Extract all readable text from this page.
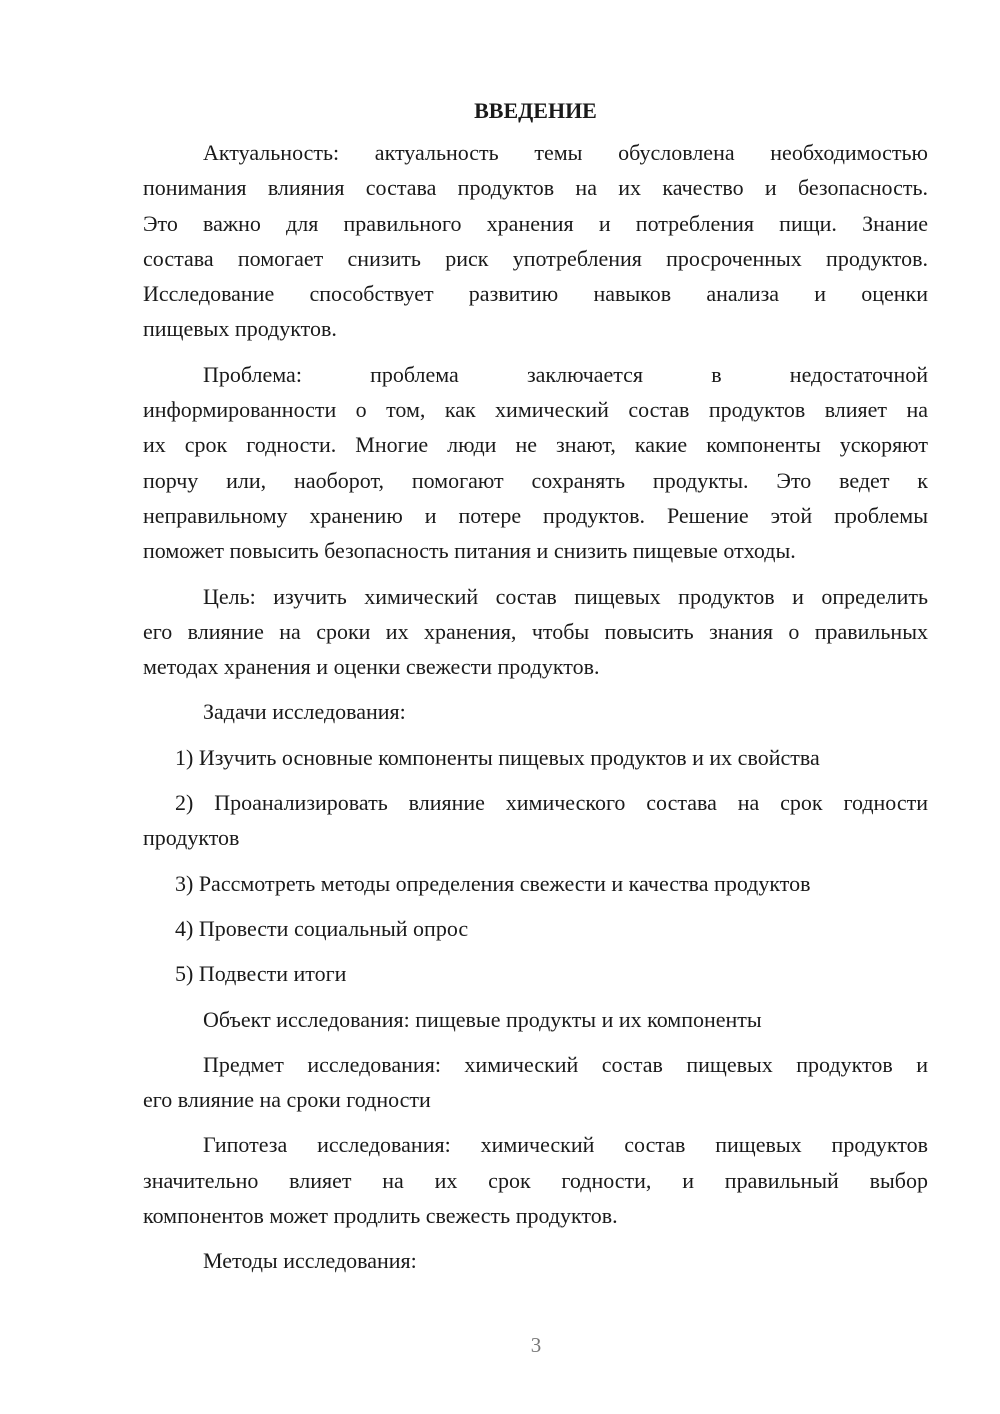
ВВЕДЕНИЕ
Актуальность: актуальность темы обусловлена необходимостью
понимания влияния состава продуктов на их качество и безопасность.
Это важно для правильного хранения и потребления пищи. Знание
состава помогает снизить риск употребления просроченных продуктов.
Исследование способствует развитию навыков анализа и оценки
пищевых продуктов.
Проблема: проблема заключается в недостаточной
информированности о том, как химический состав продуктов влияет на
их срок годности. Многие люди не знают, какие компоненты ускоряют
порчу или, наоборот, помогают сохранять продукты. Это ведет к
неправильному хранению и потере продуктов. Решение этой проблемы
поможет повысить безопасность питания и снизить пищевые отходы.
Цель: изучить химический состав пищевых продуктов и определить
его влияние на сроки их хранения, чтобы повысить знания о правильных
методах хранения и оценки свежести продуктов.
Задачи исследования:
1) Изучить основные компоненты пищевых продуктов и их свойства
2) Проанализировать влияние химического состава на срок годности
продуктов
3) Рассмотреть методы определения свежести и качества продуктов
4) Провести социальный опрос
5) Подвести итоги
Объект исследования: пищевые продукты и их компоненты
Предмет исследования: химический состав пищевых продуктов и
его влияние на сроки годности
Гипотеза исследования: химический состав пищевых продуктов
значительно влияет на их срок годности, и правильный выбор
компонентов может продлить свежесть продуктов.
Методы исследования:
3
